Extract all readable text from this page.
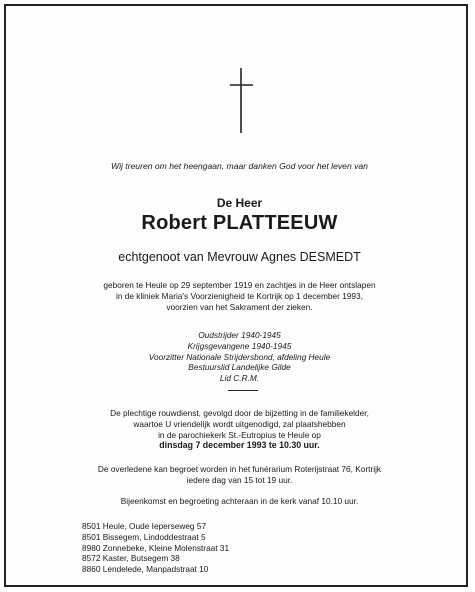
Wij treuren om het heengaan, maar danken God voor het leven van
De Heer
Robert PLATTEEUW
echtgenoot van Mevrouw Agnes DESMEDT
geboren te Heule op 29 september 1919 en zachtjes in de Heer ontslapen
in de kliniek Maria's Voorzienigheid te Kortrijk op 1 december 1993,
voorzien van het Sakrament der zieken.
Oudstrijder 1940-1945
Krijgsgevangene 1940-1945
Voorzitter Nationale Strijdersbond, afdeling Heule
Bestuurslid Landelijke Gilde
Lid C.R.M.
De plechtige rouwdienst, gevolgd door de bijzetting in de familiekelder,
waartoe U vriendelijk wordt uitgenodigd, zal plaatshebben
in de parochiekerk St.-Eutropius te Heule op
dinsdag 7 december 1993 te 10.30 uur.
De overledene kan begroet worden in het funérarium Roterijstraat 76, Kortrijk
iedere dag van 15 tot 19 uur.
Bijeenkomst en begroeting achteraan in de kerk vanaf 10.10 uur.
8501 Heule, Oude Ieperseweg 57
8501 Bissegem, Lindoddestraat 5
8980 Zonnebeke, Kleine Molenstraat 31
8572 Kaster, Butsegem 38
8860 Lendelede, Manpadstraat 10
